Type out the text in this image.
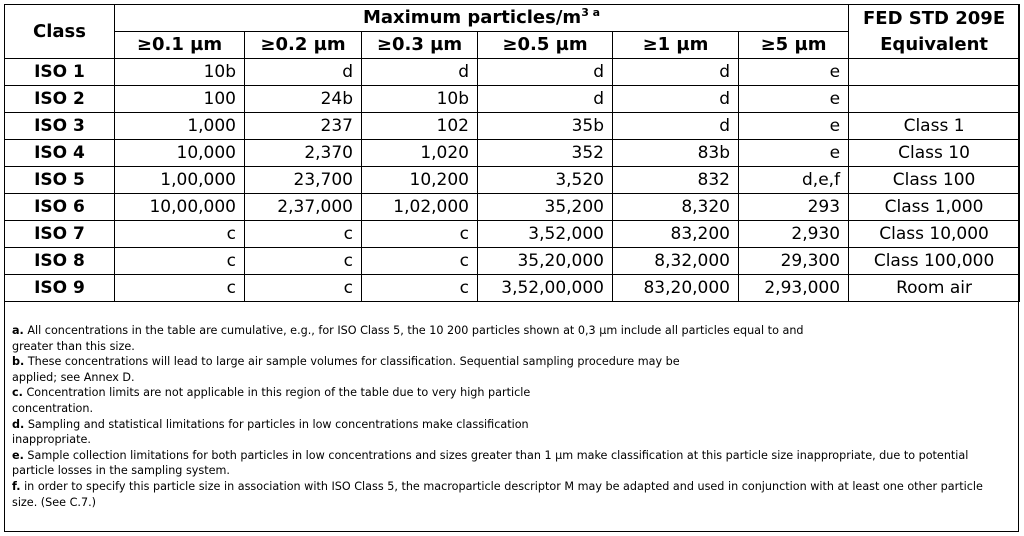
Class	Maximum particles/$m^{3 a}$						FED STD 209E Equivalent
	≥0.1 µm	≥0.2 µm	≥0.3 µm	≥0.5 µm	≥1 µm	≥5 µm	
ISO 1	10b	d	d	d	d	e	
ISO 2	100	24b	10b	d	d	e	
ISO 3	1,000	237	102	35b	d	e	Class 1
ISO 4	10,000	2,370	1,020	352	83b	e	Class 10
ISO 5	1,00,000	23,700	10,200	3,520	832	d,e,f	Class 100
ISO 6	10,00,000	2,37,000	1,02,000	35,200	8,320	293	Class 1,000
ISO 7	c	c	c	3,52,000	83,200	2,930	Class 10,000
ISO 8	c	c	c	35,20,000	8,32,000	29,300	Class 100,000
ISO 9	c	c	c	3,52,00,000	83,20,000	2,93,000	Room air

a. All concentrations in the table are cumulative, e.g., for ISO Class 5, the 10 200 particles shown at 0,3 µm include all particles equal to and

greater than this size.

b. These concentrations will lead to large air sample volumes for classification. Sequential sampling procedure may be

applied; see Annex D.

c. Concentration limits are not applicable in this region of the table due to very high particle

concentration.

d. Sampling and statistical limitations for particles in low concentrations make classification

inappropriate.

e. Sample collection limitations for both particles in low concentrations and sizes greater than 1 µm make classification at this particle size inappropriate, due to potential

particle losses in the sampling system.

f. in order to specify this particle size in association with ISO Class 5, the macroparticle descriptor M may be adapted and used in conjunction with at least one other particle

size. (See C.7.)
